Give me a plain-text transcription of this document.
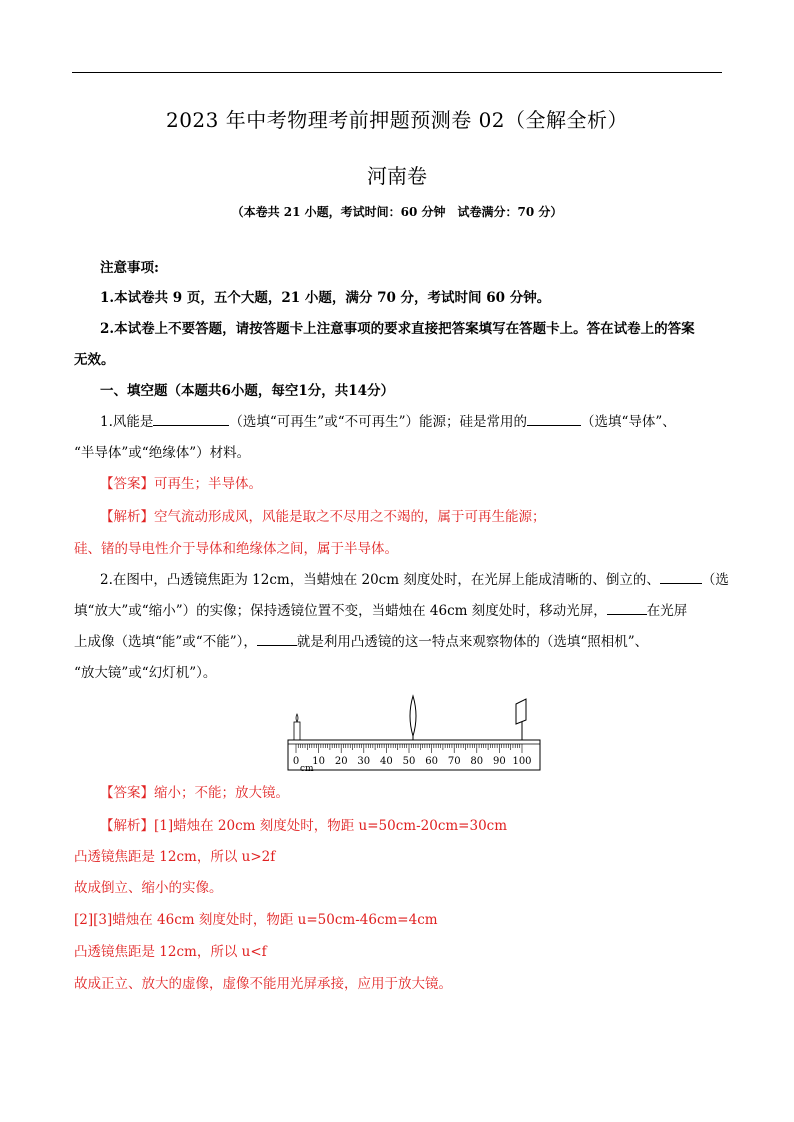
2023 年中考物理考前押题预测卷 02（全解全析）
河南卷
（本卷共 21 小题，考试时间：60 分钟　试卷满分：70 分）
注意事项:
1.本试卷共 9 页，五个大题，21 小题，满分 70 分，考试时间 60 分钟。
2.本试卷上不要答题，请按答题卡上注意事项的要求直接把答案填写在答题卡上。答在试卷上的答案
无效。
一、填空题（本题共6小题，每空1分，共14分）
1.风能是	（选填“可再生”或“不可再生”）能源；硅是常用的	（选填“导体”、
“半导体”或“绝缘体”）材料。
【答案】可再生；半导体。
【解析】空气流动形成风，风能是取之不尽用之不竭的，属于可再生能源；
硅、锗的导电性介于导体和绝缘体之间，属于半导体。
2.在图中，凸透镜焦距为 12cm，当蜡烛在 20cm 刻度处时，在光屏上能成清晰的、倒立的、	（选
填“放大”或“缩小”）的实像；保持透镜位置不变，当蜡烛在 46cm 刻度处时，移动光屏，	在光屏
上成像（选填“能”或“不能”），	就是利用凸透镜的这一特点来观察物体的（选填“照相机”、
“放大镜”或“幻灯机”）。
0 10 20 30 40 50 60 70 80 90 100
cm
【答案】缩小；不能；放大镜。
【解析】[1]蜡烛在 20cm 刻度处时，物距 u=50cm-20cm=30cm
凸透镜焦距是 12cm，所以 u>2f
故成倒立、缩小的实像。
[2][3]蜡烛在 46cm 刻度处时，物距 u=50cm-46cm=4cm
凸透镜焦距是 12cm，所以 u<f
故成正立、放大的虚像，虚像不能用光屏承接，应用于放大镜。
